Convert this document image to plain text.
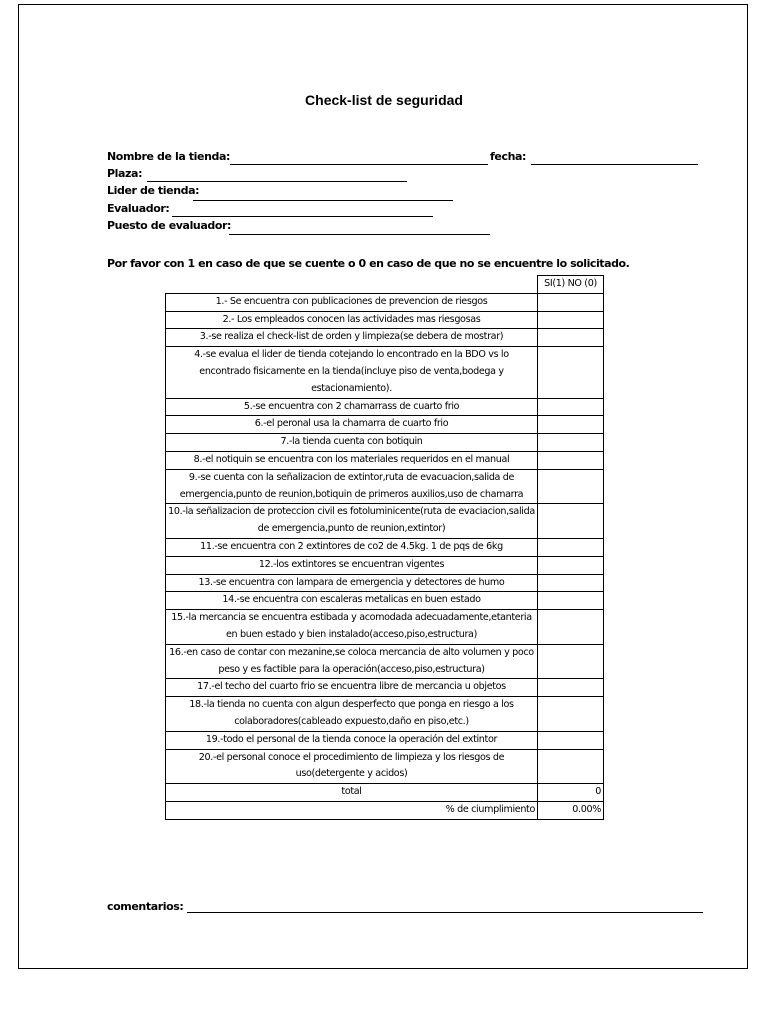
Check-list de seguridad
Nombre de la tienda:	fecha:
Plaza:
Lider de tienda:
Evaluador:
Puesto de evaluador:
Por favor con 1 en caso de que se cuente o 0 en caso de que no se encuentre lo solicitado.
	SI(1) NO (0)
1.- Se encuentra con publicaciones de prevencion de riesgos	
2.- Los empleados conocen las actividades mas riesgosas	
3.-se realiza el check-list de orden y limpieza(se debera de mostrar)	
4.-se evalua el lider de tienda cotejando lo encontrado en la BDO vs lo encontrado fisicamente en la tienda(incluye piso de venta,bodega y estacionamiento).	
5.-se encuentra con 2 chamarrass de cuarto frio	
6.-el peronal usa la chamarra de cuarto frio	
7.-la tienda cuenta con botiquin	
8.-el notiquin se encuentra con los materiales requeridos en el manual	
9.-se cuenta con la señalizacion de extintor,ruta de evacuacion,salida de emergencia,punto de reunion,botiquin de primeros auxilios,uso de chamarra	
10.-la señalizacion de proteccion civil es fotoluminicente(ruta de evaciacion,salida de emergencia,punto de reunion,extintor)	
11.-se encuentra con 2 extintores de co2 de 4.5kg. 1 de pqs de 6kg	
12.-los extintores se encuentran vigentes	
13.-se encuentra con lampara de emergencia y detectores de humo	
14.-se encuentra con escaleras metalicas en buen estado	
15.-la mercancia se encuentra estibada y acomodada adecuadamente,etanteria en buen estado y bien instalado(acceso,piso,estructura)	
16.-en caso de contar con mezanine,se coloca mercancia de alto volumen y poco peso y es factible para la operación(acceso,piso,estructura)	
17.-el techo del cuarto frio se encuentra libre de mercancia u objetos	
18.-la tienda no cuenta con algun desperfecto que ponga en riesgo a los colaboradores(cableado expuesto,daño en piso,etc.)	
19.-todo el personal de la tienda conoce la operación del extintor	
20.-el personal conoce el procedimiento de limpieza y los riesgos de uso(detergente y acidos)	
total	0
% de ciumplimiento	0.00%
comentarios:
